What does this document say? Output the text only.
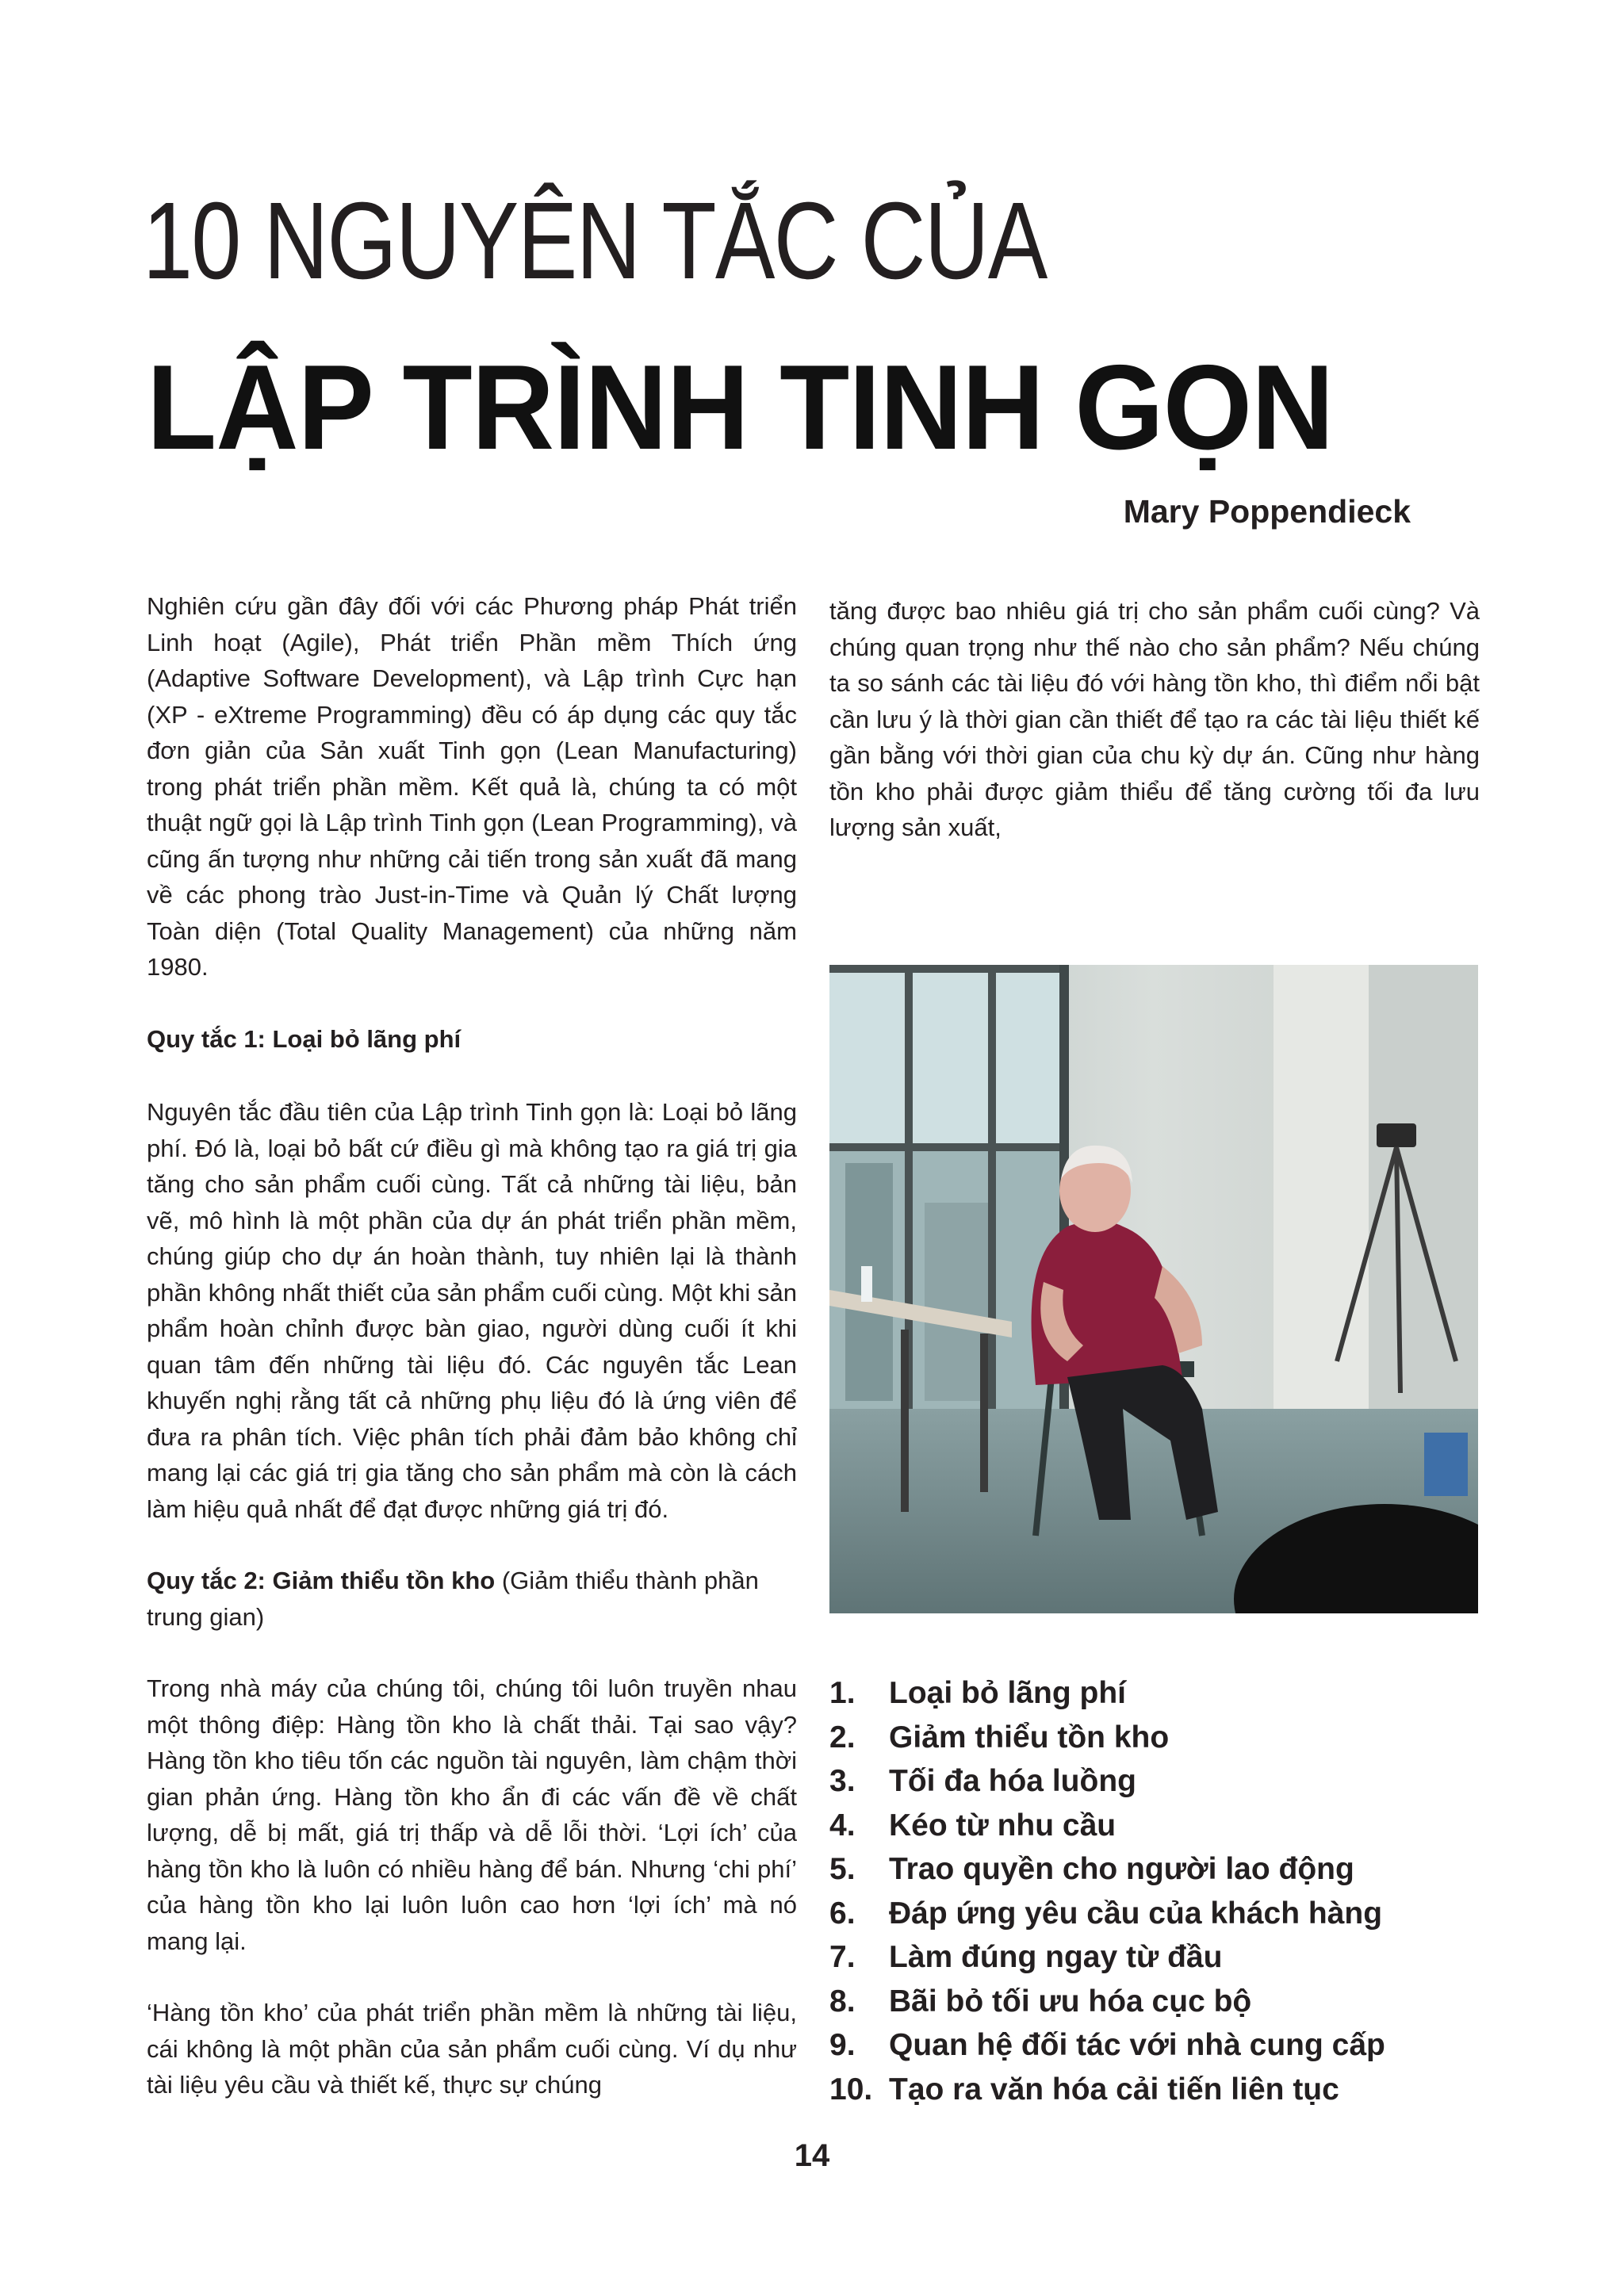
10 NGUYÊN TẮC CỦA
LẬP TRÌNH TINH GỌN
Mary Poppendieck

Nghiên cứu gần đây đối với các Phương pháp Phát triển Linh hoạt (Agile), Phát triển Phần mềm Thích ứng (Adaptive Software Development), và Lập trình Cực hạn (XP - eXtreme Programming) đều có áp dụng các quy tắc đơn giản của Sản xuất Tinh gọn (Lean Manufacturing) trong phát triển phần mềm. Kết quả là, chúng ta có một thuật ngữ gọi là Lập trình Tinh gọn (Lean Programming), và cũng ấn tượng như những cải tiến trong sản xuất đã mang về các phong trào Just-in-Time và Quản lý Chất lượng Toàn diện (Total Quality Management) của những năm 1980.

Quy tắc 1: Loại bỏ lãng phí

Nguyên tắc đầu tiên của Lập trình Tinh gọn là: Loại bỏ lãng phí. Đó là, loại bỏ bất cứ điều gì mà không tạo ra giá trị gia tăng cho sản phẩm cuối cùng. Tất cả những tài liệu, bản vẽ, mô hình là một phần của dự án phát triển phần mềm, chúng giúp cho dự án hoàn thành, tuy nhiên lại là thành phần không nhất thiết của sản phẩm cuối cùng. Một khi sản phẩm hoàn chỉnh được bàn giao, người dùng cuối ít khi quan tâm đến những tài liệu đó. Các nguyên tắc Lean khuyến nghị rằng tất cả những phụ liệu đó là ứng viên để đưa ra phân tích. Việc phân tích phải đảm bảo không chỉ mang lại các giá trị gia tăng cho sản phẩm mà còn là cách làm hiệu quả nhất để đạt được những giá trị đó.

Quy tắc 2: Giảm thiểu tồn kho (Giảm thiểu thành phần trung gian)

Trong nhà máy của chúng tôi, chúng tôi luôn truyền nhau một thông điệp: Hàng tồn kho là chất thải. Tại sao vậy? Hàng tồn kho tiêu tốn các nguồn tài nguyên, làm chậm thời gian phản ứng. Hàng tồn kho ẩn đi các vấn đề về chất lượng, dễ bị mất, giá trị thấp và dễ lỗi thời. ‘Lợi ích’ của hàng tồn kho là luôn có nhiều hàng để bán. Nhưng ‘chi phí’ của hàng tồn kho lại luôn luôn cao hơn ‘lợi ích’ mà nó mang lại.

‘Hàng tồn kho’ của phát triển phần mềm là những tài liệu, cái không là một phần của sản phẩm cuối cùng. Ví dụ như tài liệu yêu cầu và thiết kế, thực sự chúng

tăng được bao nhiêu giá trị cho sản phẩm cuối cùng? Và chúng quan trọng như thế nào cho sản phẩm? Nếu chúng ta so sánh các tài liệu đó với hàng tồn kho, thì điểm nổi bật cần lưu ý là thời gian cần thiết để tạo ra các tài liệu thiết kế gần bằng với thời gian của chu kỳ dự án. Cũng như hàng tồn kho phải được giảm thiểu để tăng cường tối đa lưu lượng sản xuất,

1.	Loại bỏ lãng phí
2.	Giảm thiểu tồn kho
3.	Tối đa hóa luồng
4.	Kéo từ nhu cầu
5.	Trao quyền cho người lao động
6.	Đáp ứng yêu cầu của khách hàng
7.	Làm đúng ngay từ đầu
8.	Bãi bỏ tối ưu hóa cục bộ
9.	Quan hệ đối tác với nhà cung cấp
10. Tạo ra văn hóa cải tiến liên tục
14
